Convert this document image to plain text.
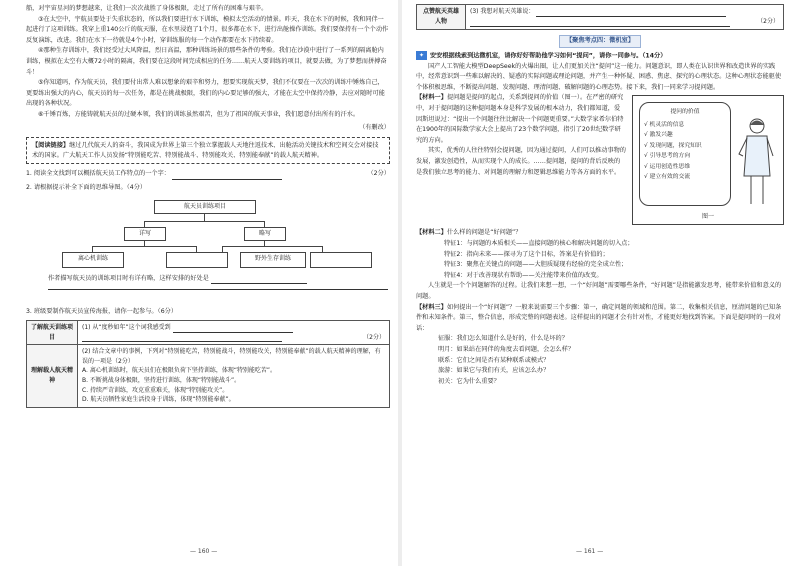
船，对宇宙星河的梦想越来，让我们一次次战胜了身体极限，走过了所有的困难与艰辛。

③在太空中，宇航员要处于失重状态的，所以我们要进行水下训练，模拟太空活动的情景。昨天，我在水下的时候，我和同伴一起进行了这项训练。我穿上重140公斤的航天服，在水里浸泡了1个月，很多都在水下，进行出舱操作训练。我们要保持有一个个动作反复演练，改进。我们在水下一待就是4个小时，穿训练服的每一个动作都要在水下持续着。

④那种生存训练中，我们经受过大风降温，烈日高温，那种训练场景的那些条件的考验。我们在沙漠中进行了一系列的隔离舱内训练，模拟在太空有大概72小时的隔离，我们要在这段时间完成相应的任务……航天人要训练的项目，就要去做，为了梦想而拼搏奋斗！

⑤你知道吗，作为航天员，我们要付出常人难以想象的艰辛和努力，想要实现航天梦，我们不仅要在一次次的训练中锤炼自己，更要练出强大的内心，航天员的每一次任务，都是在挑战极限，我们的内心要足够的强大，才能在太空中保持冷静，去应对随时可能出现的各种状况。

⑥千锤百炼，方能铸就航天员的过硬本领，我们的训练虽然艰苦，但为了祖国的航天事业，我们愿意付出所有的汗水。

（有删改）
【阅读链接】继过几代航天人的奋斗，我国成为世界上第三个独立掌握载人天地往返技术、出舱活动关键技术和空间交会对接技术的国家。广大航天工作人员发扬“特别能吃苦、特别能战斗、特别能攻关、特别能奉献”的载人航天精神。
1. 阅读全文找到可以概括航天员工作特点的一个字：	（2分）
2. 请根据提示补全下面的思维导图。（4分）
航天员训练项目
详写	略写
离心机训练	野外生存训练
作者描写航天员的训练项目时有详有略，这样安排的好处是
3. 班级要制作航天员宣传海报，请你一起参与。（6分）
了解航天训练项目	(1) 从“度秒如年”这个词我感受到

（2分）

理解载人航天精神	(2) 结合文章中的事例，下列对“特别能吃苦，特别能战斗，特别能攻关，特别能奉献”的载人航天精神的理解，有误的一项是（2分）
A. 离心机训练时，航天员们在极限负荷下坚持训练，体现“特别能吃苦”。
B. 不断挑战身体极限，坚持进行训练，体现“特别能战斗”。
C. 持续严苛训练，攻克重重难关，体现“特别能攻关”。
D. 航天员牺牲家庭生活投身于训练，体现“特别能奉献”。
— 160 —
点赞航天英雄人物	(3) 我想对航天英雄说：

（2分）
【聚焦考点四：微机室】

✦ 安安根据线索到达微机室，请你好好帮助他学习如何“提问”，请你一同参与。（14分）

国产人工智能大模型DeepSeek的火爆出圈，让人们更加关注“提问”这一能力。问题意识，即人类在认识世界和改造世界的实践中，经常意识到一些难以解决的、疑惑的实际问题或理论问题，并产生一种怀疑、困惑、焦虑、探究的心理状态。这种心理状态能驱使个体积极思维，不断提出问题、发现问题、理清问题、破解问题的心理态势。接下来，我们一同来学习提问题。

提问的价值
√ 机灵活的信息
√ 激发兴趣
√ 发现问题，探究知识
√ 引导思考的方向
√ 运用创造性思维
√ 建立有效的交流
图一

【材料一】提问题是提问的起点，关系到提问的价值（图一）。在严密的研究中，对于提问题的这种提问题本身是科学发展的根本动力，我们都知道，爱因斯坦说过：“提出一个问题往往比解决一个问题更重要。”大数学家希尔伯特在1900年的国际数学家大会上提出了23个数学问题，指引了20世纪数学研究的方向。

其实，优秀的人往往特别会提问题，因为通过提问，人们可以推动事物的发展，激发创造性，从而实现个人的成长。……提问题，提问的背后反映的是我们独立思考的能力、对问题的理解力和逻辑思维能力等各方面的水平。

【材料二】什么样的问题是“好问题”？

特征1：与问题的本质相关——直接问题的核心和解决问题的切入点；

特征2：指向未来——探寻为了这个目标，答案是有价值的；

特征3：聚焦在关键点的问题——大胆质疑现有经验的完全成立性；

特征4：对于改善现状有帮助——关注能带来价值的改变。

人生就是一个个问题解答的过程。让我们来想一想，一个“好问题”需要哪些条件，“好问题”是指能激发思考，能带来价值和意义的问题。

【材料三】如何提出一个“好问题”？一般来说需要三个步骤：第一，确定问题的领域和范围。第二，收集相关信息，厘清问题的已知条件和未知条件。第三，整合信息，形成完整的问题表述。这样提出的问题才会有针对性，才能更好地找到答案。下面是提问时的一段对话：

征服：我们怎么知道什么是好的，什么是坏的？

明月：如果站在同伴的角度去看问题，会怎么样？

联系：它们之间是否有某种联系或模式？

旅游：如果它与我们有关，应该怎么办？

初关：它为什么重要？

— 161 —
